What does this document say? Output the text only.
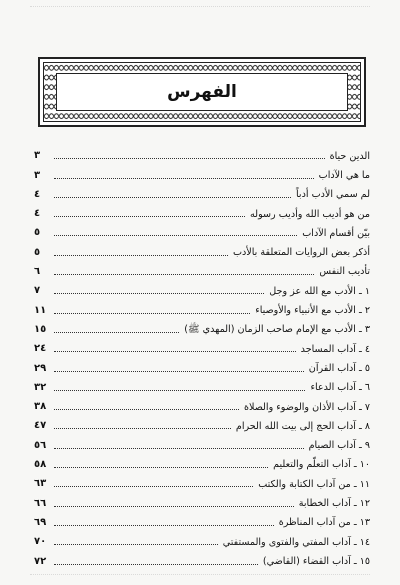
الفهرس
الدين حياة
٣
ما هي الآداب
٣
لم سمي الأدب أدباً
٤
من هو أديب الله وأديب رسوله
٤
بيّن أقسام الآداب
٥
أذكر بعض الروايات المتعلقة بالأدب
٥
تأديب النفس
٦
١ ـ الأدب مع الله عز وجل
٧
٢ ـ الأدب مع الأنبياء والأوصياء
١١
٣ ـ الأدب مع الإمام صاحب الزمان (المهدي ﷺ)
١٥
٤ ـ آداب المساجد
٢٤
٥ ـ آداب القرآن
٢٩
٦ ـ آداب الدعاء
٣٢
٧ ـ آداب الأذان والوضوء والصلاة
٣٨
٨ ـ آداب الحج إلى بيت الله الحرام
٤٧
٩ ـ آداب الصيام
٥٦
١٠ ـ آداب التعلّم والتعليم
٥٨
١١ ـ من آداب الكتابة والكتب
٦٣
١٢ ـ آداب الخطابة
٦٦
١٣ ـ من آداب المناظرة
٦٩
١٤ ـ آداب المفتي والفتوى والمستفتي
٧٠
١٥ ـ آداب القضاء (القاضي)
٧٢
